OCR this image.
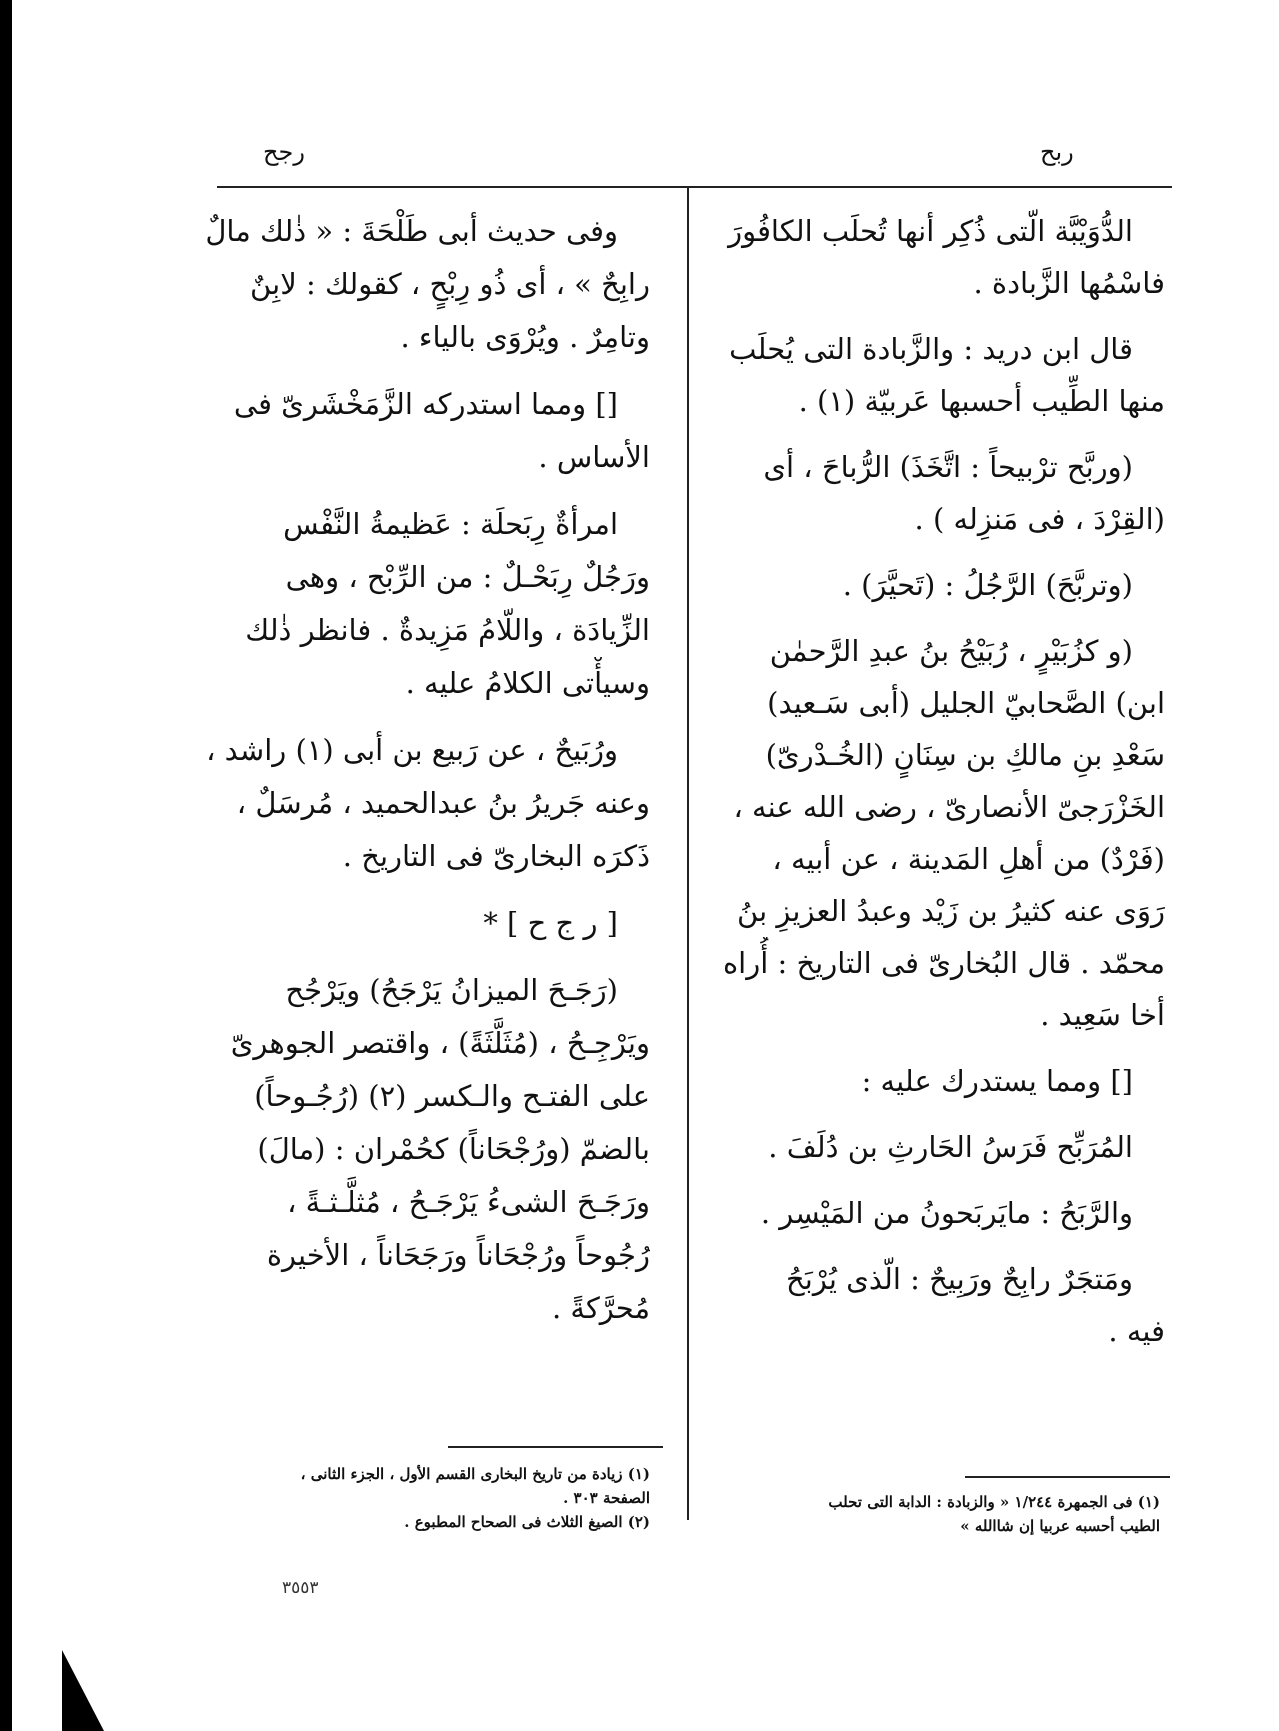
ربح
رجح
الدُّوَيْبَّة الّتى ذُكِر أنها تُحلَب الكافُورَ
فاسْمُها الزَّبادة .
قال ابن دريد : والزَّبادة التى يُحلَب
منها الطِّيب أحسبها عَربيّة (١) .
(وربَّح ترْبيحاً : اتَّخَذَ) الرُّباحَ ، أى
(القِرْدَ ، فى مَنزِله ) .
(وتربَّحَ) الرَّجُلُ : (تَحيَّرَ) .
(و كزُبَيْرٍ ، رُبَيْحُ بنُ عبدِ الرَّحمٰن
ابن) الصَّحابيّ الجليل (أبى سَـعيد)
سَعْدِ بنِ مالكِ بن سِنَانٍ (الخُـدْرىّ)
الخَزْرَجىّ الأنصارىّ ، رضى الله عنه ،
(فَرْدٌ) من أهلِ المَدينة ، عن أبيه ،
رَوَى عنه كثيرُ بن زَيْد وعبدُ العزيزِ بنُ
محمّد . قال البُخارىّ فى التاريخ : أُراه
أخا سَعِيد .
[] ومما يستدرك عليه :
المُرَبِّح فَرَسُ الحَارثِ بن دُلَفَ .
والرَّبَحُ : مايَربَحونُ من المَيْسِر .
ومَتجَرٌ رابِحٌ ورَبِيحٌ : الّذى يُرْبَحُ
فيه .
وفى حديث أبى طَلْحَةَ : « ذٰلك مالٌ
رابِحٌ » ، أى ذُو رِبْحٍ ، كقولك : لابِنٌ
وتامِرٌ . ويُرْوَى بالياء .
[] ومما استدركه الزَّمَخْشَرىّ فى
الأساس .
امرأةٌ رِبَحلَة : عَظيمةُ النَّفْس
ورَجُلٌ رِبَحْـلٌ : من الرِّبْح ، وهى
الزِّيادَة ، واللّامُ مَزِيدةٌ . فانظر ذٰلك
وسيأْتى الكلامُ عليه .
ورُبَيحٌ ، عن رَبيع بن أبى (١) راشد ،
وعنه جَريرُ بنُ عبدالحميد ، مُرسَلٌ ،
ذَكرَه البخارىّ فى التاريخ .
[ ر ج ح ] *
(رَجَـحَ الميزانُ يَرْجَحُ) ويَرْجُح
ويَرْجِـحُ ، (مُثَلَّثَةً) ، واقتصر الجوهرىّ
على الفتـح والـكسر (٢) (رُجُـوحاً)
بالضمّ (ورُجْحَاناً) كحُمْران : (مالَ)
ورَجَـحَ الشىءُ يَرْجَـحُ ، مُثلَّـثـةً ،
رُجُوحاً ورُجْحَاناً ورَجَحَاناً ، الأخيرة
مُحرَّكةً .
(١) فى الجمهرة ١/٢٤٤ « والزبادة : الدابة التى تحلب
الطيب أحسبه عربيا إن شاالله »
(١) زيادة من تاريخ البخارى القسم الأول ، الجزء الثانى ،
الصفحة ٣٠٣ .
(٢) الصيغ الثلاث فى الصحاح المطبوع .
٣٥٥٣
